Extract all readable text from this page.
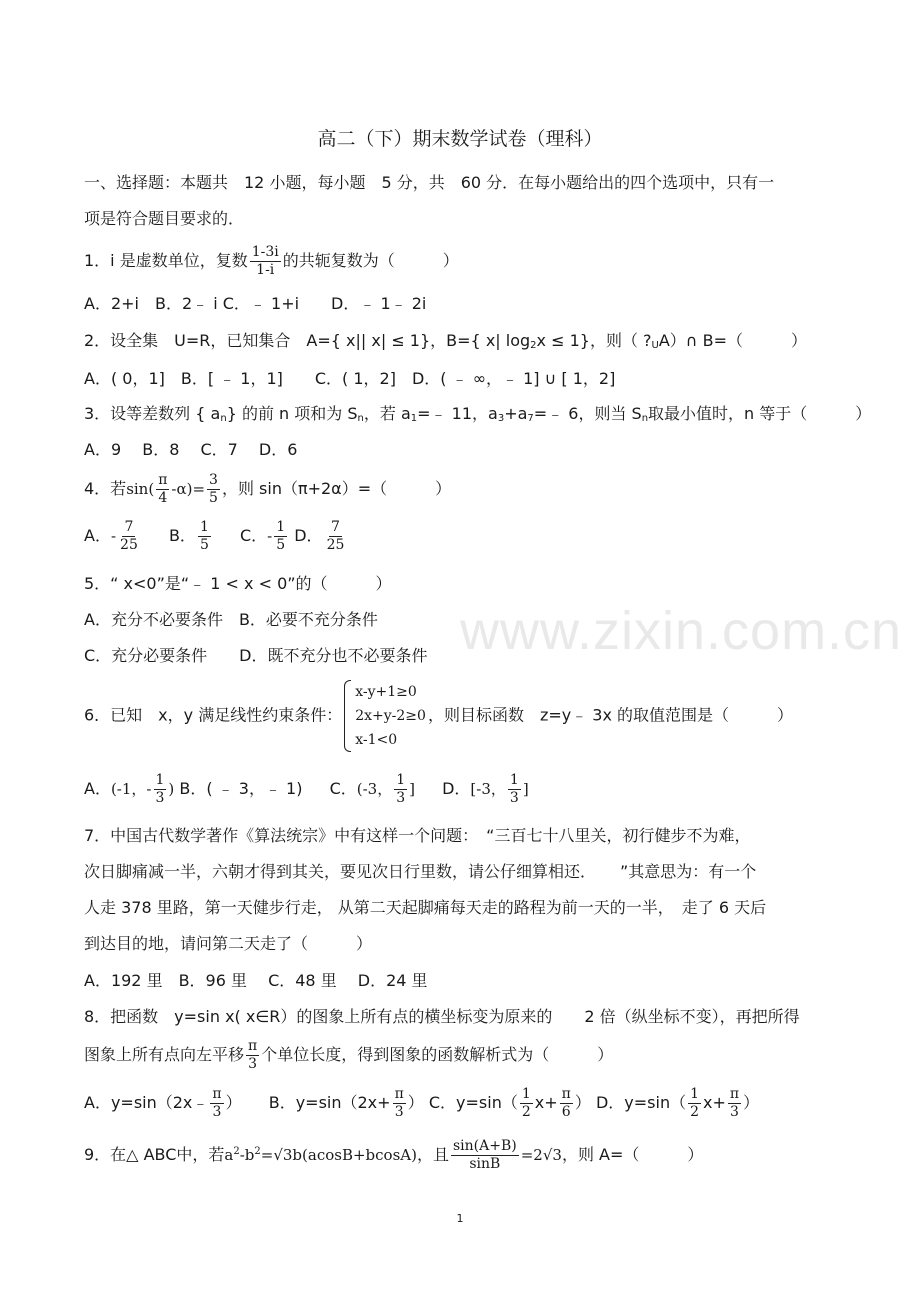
www.zixin.com.cn
高二（下）期末数学试卷（理科）
一、选择题：本题共　12 小题，每小题　5 分，共　60 分．在每小题给出的四个选项中，只有一
项是符合题目要求的．
1．i 是虚数单位，复数 $\frac{1-3i}{1-i}$ 的共轭复数为（　　　）
A．2+i　B．2﹣ i C．﹣ 1+i　　D．﹣ 1﹣ 2i
2．设全集　U=R，已知集合　A={ x|| x| ≤ 1}，B={ x| $\log_2x \le 1$}，则（ $?_UA)\cap$ B=（　　　）
A．( 0，1]　B．[ ﹣ 1，1]　　C．( 1，2]　D．( ﹣ ∞，﹣ 1] ∪ [ 1，2]
3．设等差数列 { $a_n$} 的前 n 项和为 $S_n$，若 $a_1=﹣$ 11，$a_3+a_7=﹣$ 6，则当 $S_n$取最小值时，n 等于（　　　）
A．9　 B．8　 C．7　 D．6
4．若$\sin( \frac{\pi}{4} -\alpha)= \frac{3}{5}$ ，则 sin（π+2α）=（　　　）
A．- $\frac{7}{25}$ B． $\frac{1}{5}$ C．- $\frac{1}{5}$ D． $\frac{7}{25}$
5．“ x<0”是“﹣ 1 < x < 0”的（　　　）
A．充分不必要条件　B．必要不充分条件
C．充分必要条件　　D．既不充分也不必要条件
6．已知　x，y 满足线性约束条件：
x-y+1≥0
2x+y-2≥0
x-1<0
，则目标函数　z=y﹣ 3x 的取值范围是（　　　）
A．(-1，- $\frac{1}{3}$ ) B．( ﹣ 3，﹣ 1) C．(-3， $\frac{1}{3}$ ] D．[-3， $\frac{1}{3}$ ]
7．中国古代数学著作《算法统宗》中有这样一个问题：　“三百七十八里关，初行健步不为难，
次日脚痛减一半，六朝才得到其关，要见次日行里数，请公仔细算相还．　　”其意思为：有一个
人走 378 里路，第一天健步行走， 从第二天起脚痛每天走的路程为前一天的一半，　走了 6 天后
到达目的地，请问第二天走了（　　　）
A．192 里　B．96 里　 C．48 里　 D．24 里
8．把函数　y=sin x( x∈R）的图象上所有点的横坐标变为原来的　　2 倍（纵坐标不变），再把所得
图象上所有点向左平移 $\frac{\pi}{3}$ 个单位长度，得到图象的函数解析式为（　　　）
A．y=sin（2x﹣ $\frac{\pi}{3}$ ） B．$y=\sin(2x+ \frac{\pi}{3}$ ） C．$y=\sin( \frac{1}{2} x+ \frac{\pi}{6}$ ） D．$y=\sin( \frac{1}{2} x+ \frac{\pi}{3}$ ）
9．在△ ABC中，若$a^2-b^2=√3b(acosB+bcosA)$，且 $\frac{\sin(A+B)}{\sin B} =2√3$，则 A=（　　　）
1
